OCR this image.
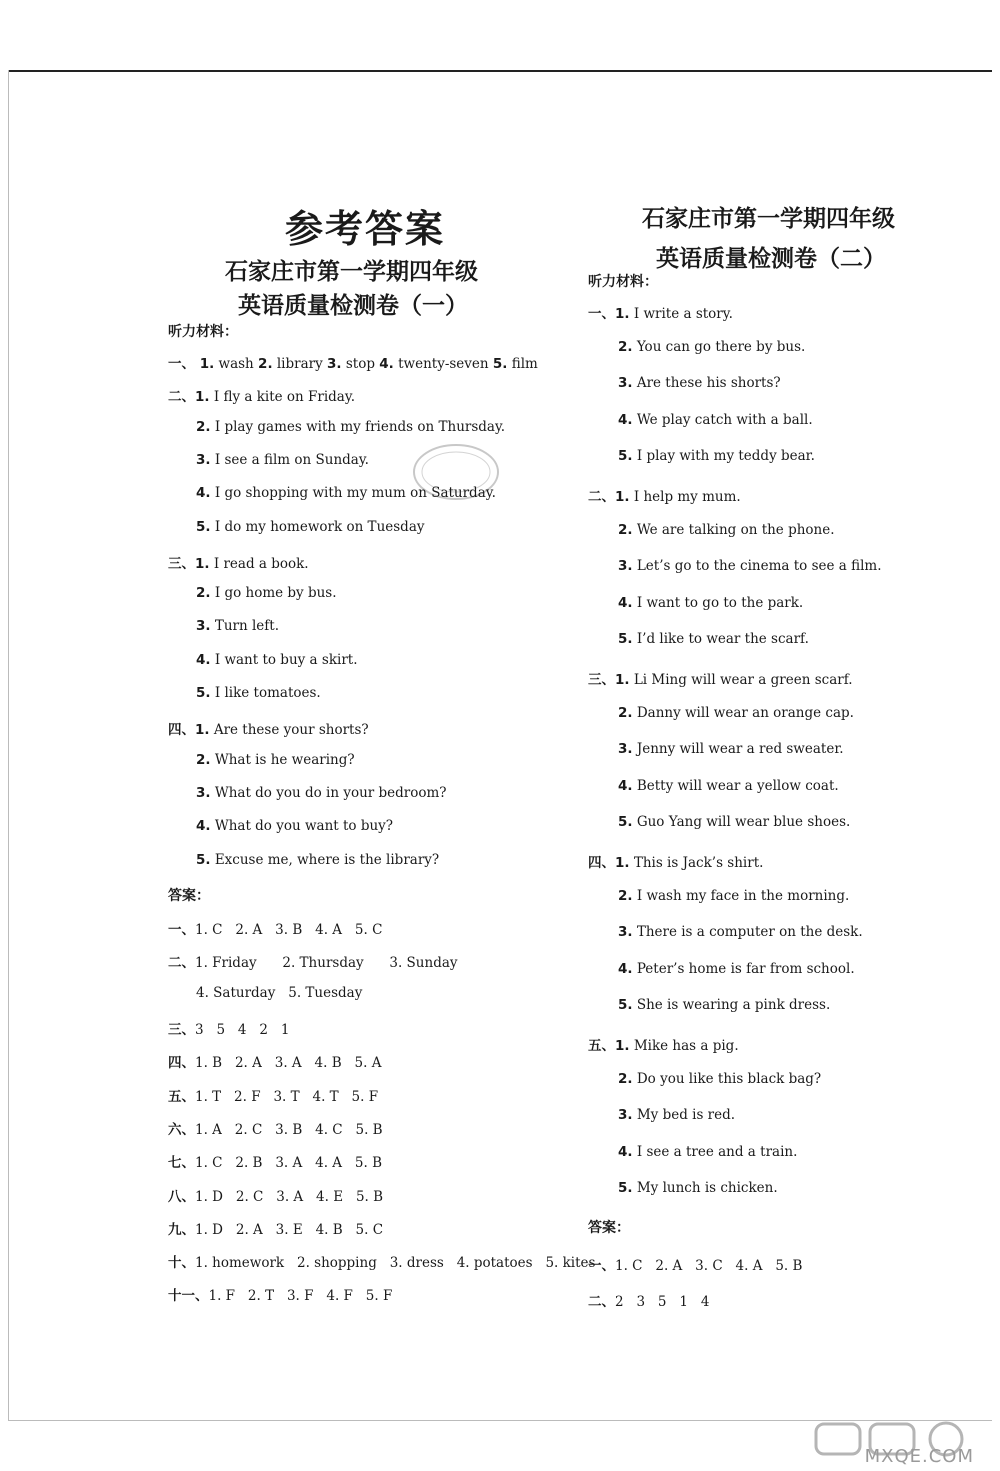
参考答案
MXQE.COM
石家庄市第一学期四年级
英语质量检测卷（一）
听力材料：
一、 1. wash 2. library 3. stop 4. twenty-seven 5. film
二、1. I fly a kite on Friday.
2. I play games with my friends on Thursday.
3. I see a film on Sunday.
4. I go shopping with my mum on Saturday.
5. I do my homework on Tuesday
三、1. I read a book.
2. I go home by bus.
3. Turn left.
4. I want to buy a skirt.
5. I like tomatoes.
四、1. Are these your shorts?
2. What is he wearing?
3. What do you do in your bedroom?
4. What do you want to buy?
5. Excuse me, where is the library?
答案：
一、1. C   2. A   3. B   4. A   5. C
二、1. Friday      2. Thursday      3. Sunday
4. Saturday   5. Tuesday
三、3   5   4   2   1
四、1. B   2. A   3. A   4. B   5. A
五、1. T   2. F   3. T   4. T   5. F
六、1. A   2. C   3. B   4. C   5. B
七、1. C   2. B   3. A   4. A   5. B
八、1. D   2. C   3. A   4. E   5. B
九、1. D   2. A   3. E   4. B   5. C
十、1. homework   2. shopping   3. dress   4. potatoes   5. kites
十一、1. F   2. T   3. F   4. F   5. F
石家庄市第一学期四年级
英语质量检测卷（二）
听力材料：
一、1. I write a story.
2. You can go there by bus.
3. Are these his shorts?
4. We play catch with a ball.
5. I play with my teddy bear.
二、1. I help my mum.
2. We are talking on the phone.
3. Let’s go to the cinema to see a film.
4. I want to go to the park.
5. I’d like to wear the scarf.
三、1. Li Ming will wear a green scarf.
2. Danny will wear an orange cap.
3. Jenny will wear a red sweater.
4. Betty will wear a yellow coat.
5. Guo Yang will wear blue shoes.
四、1. This is Jack’s shirt.
2. I wash my face in the morning.
3. There is a computer on the desk.
4. Peter’s home is far from school.
5. She is wearing a pink dress.
五、1. Mike has a pig.
2. Do you like this black bag?
3. My bed is red.
4. I see a tree and a train.
5. My lunch is chicken.
答案：
一、1. C   2. A   3. C   4. A   5. B
二、2   3   5   1   4
